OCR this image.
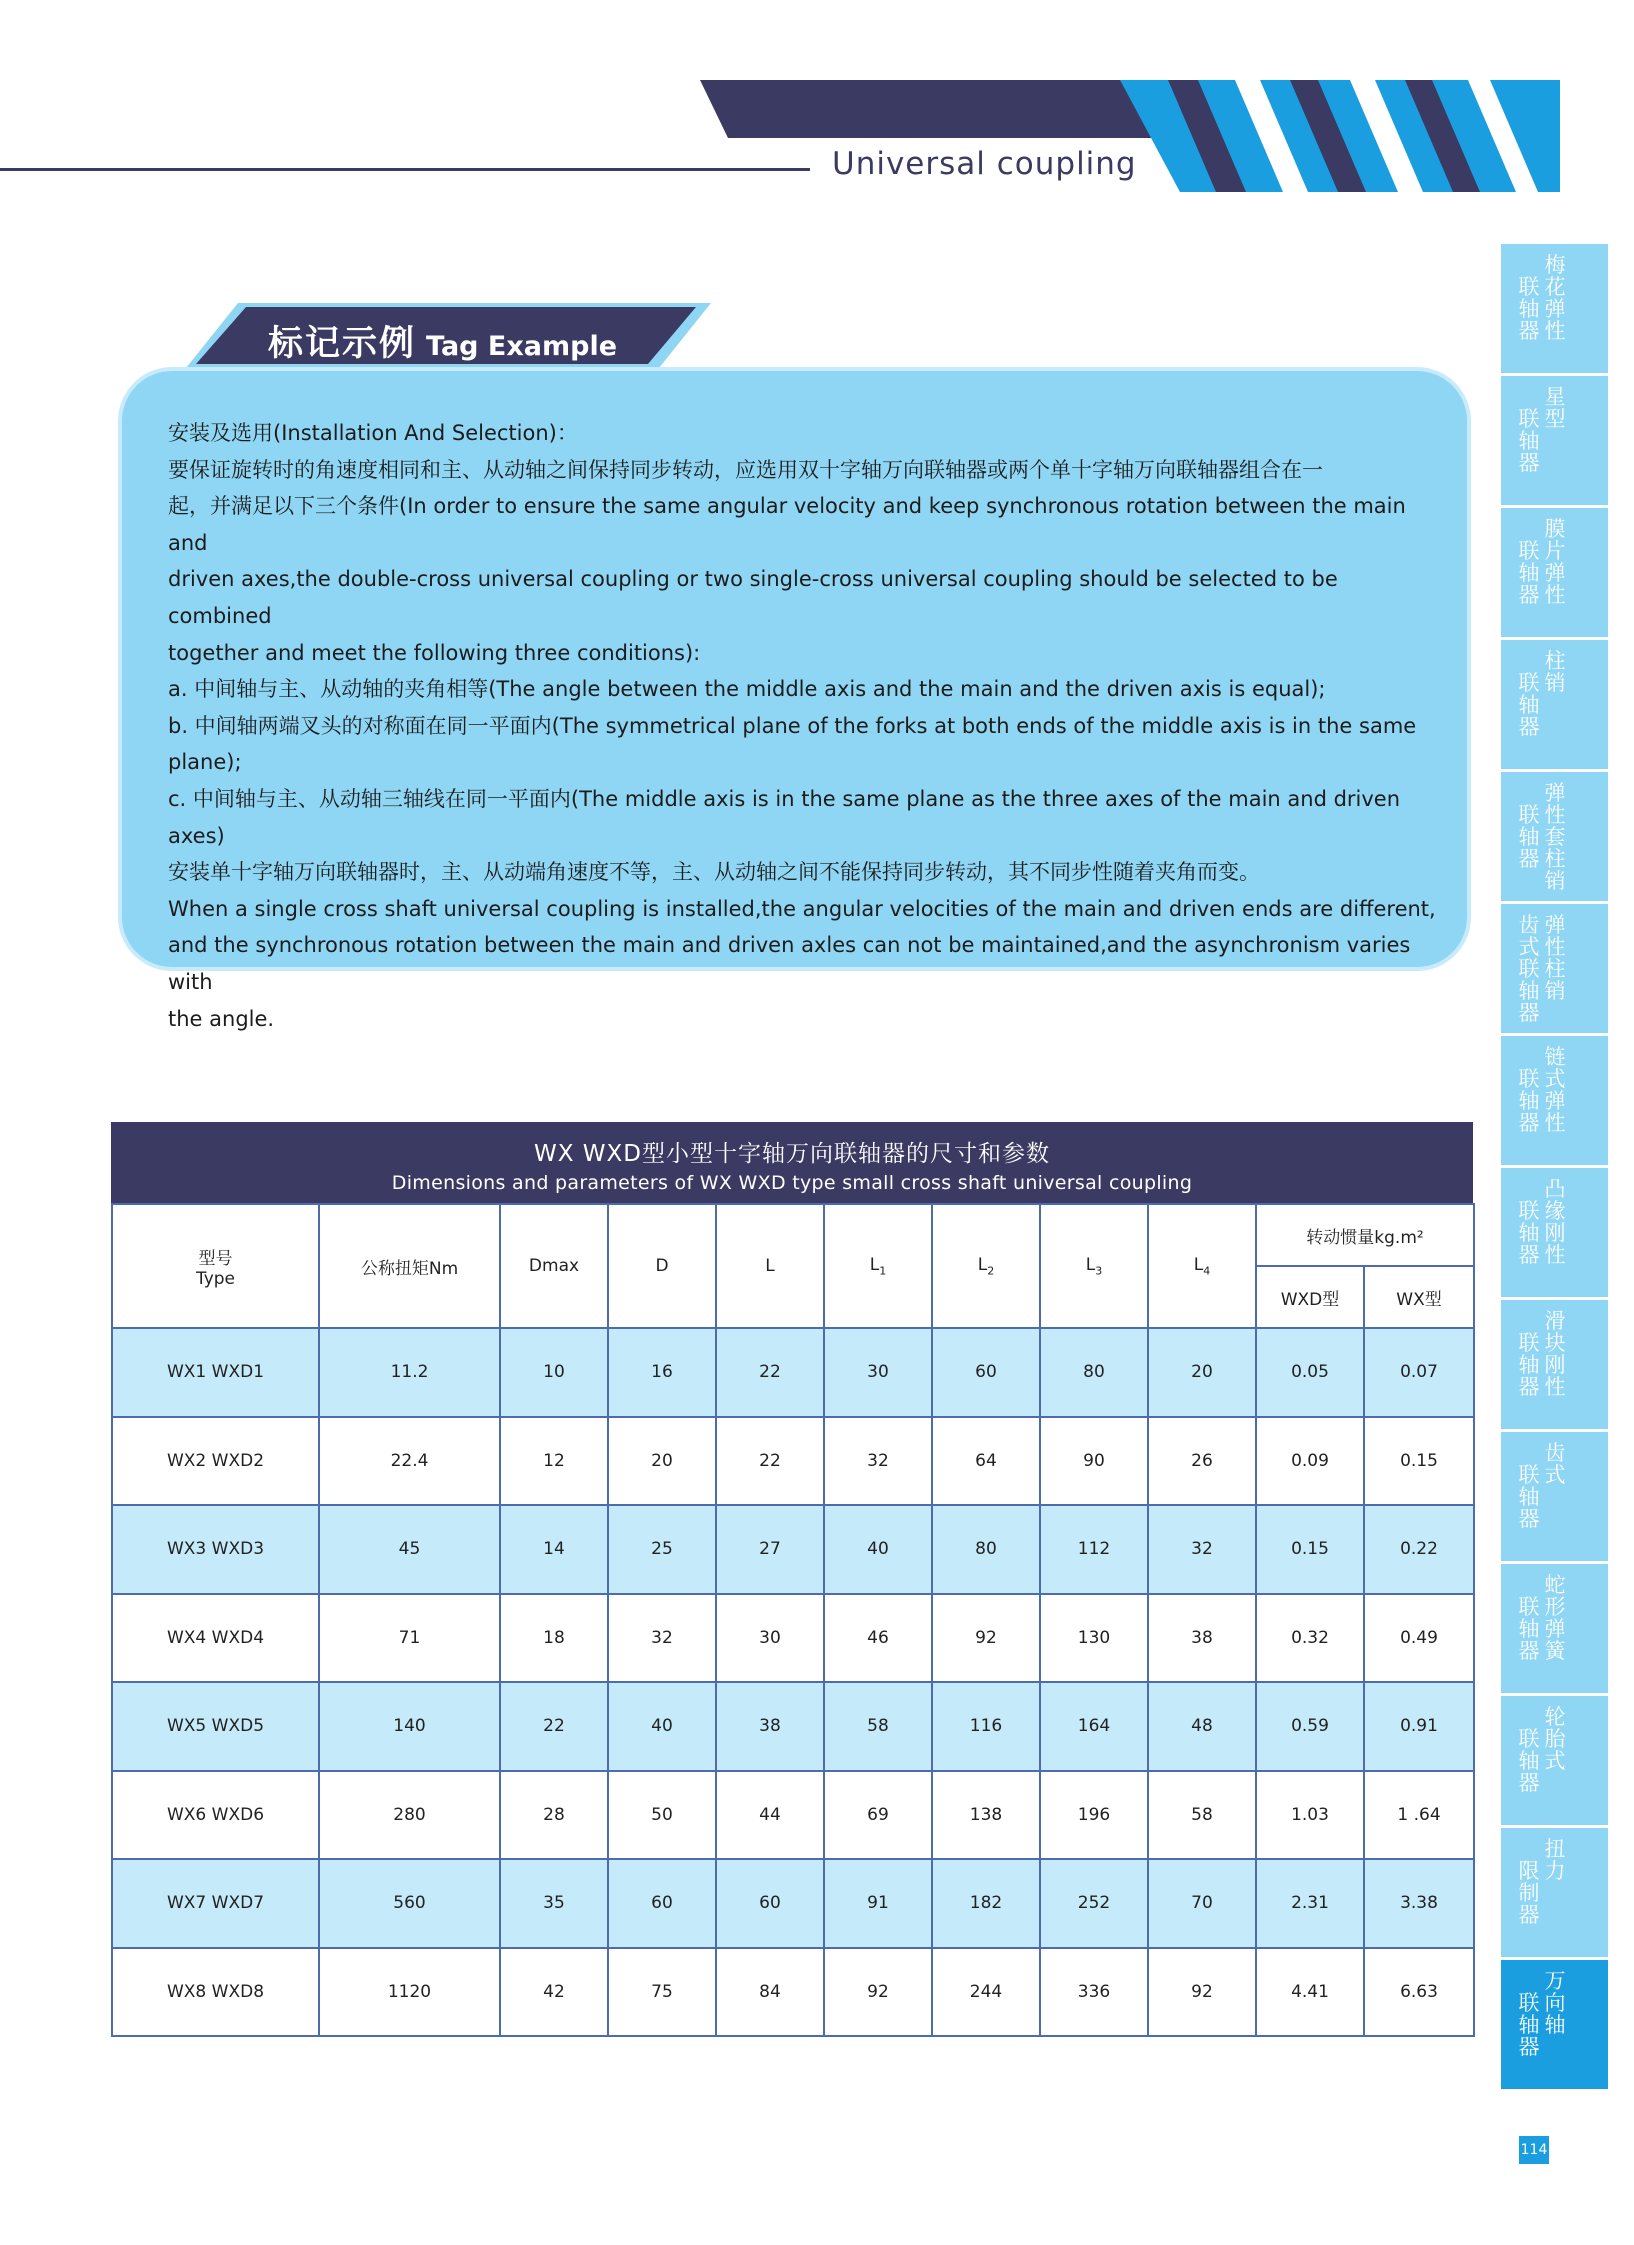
Universal coupling
标记示例 Tag Example

安装及选用(Installation And Selection)：

要保证旋转时的角速度相同和主、从动轴之间保持同步转动，应选用双十字轴万向联轴器或两个单十字轴万向联轴器组合在一

起，并满足以下三个条件(In order to ensure the same angular velocity and keep synchronous rotation between the main and

driven axes,the double-cross universal coupling or two single-cross universal coupling should be selected to be combined

together and meet the following three conditions):

a. 中间轴与主、从动轴的夹角相等(The angle between the middle axis and the main and the driven axis is equal);

b. 中间轴两端叉头的对称面在同一平面内(The symmetrical plane of the forks at both ends of the middle axis is in the same

plane);

c. 中间轴与主、从动轴三轴线在同一平面内(The middle axis is in the same plane as the three axes of the main and driven

axes)

安装单十字轴万向联轴器时，主、从动端角速度不等，主、从动轴之间不能保持同步转动，其不同步性随着夹角而变。

When a single cross shaft universal coupling is installed,the angular velocities of the main and driven ends are different,

and the synchronous rotation between the main and driven axles can not be maintained,and the asynchronism varies with

the angle.

WX WXD型小型十字轴万向联轴器的尺寸和参数
Dimensions and parameters of WX WXD type small cross shaft universal coupling
型号
Type	公称扭矩Nm	Dmax	D	L	$L_1$	$L_2$	$L_3$	$L_4$	转动惯量kg.m²	
									WXD型	WX型
WX1 WXD1	11.2	10	16	22	30	60	80	20	0.05	0.07
WX2 WXD2	22.4	12	20	22	32	64	90	26	0.09	0.15
WX3 WXD3	45	14	25	27	40	80	112	32	0.15	0.22
WX4 WXD4	71	18	32	30	46	92	130	38	0.32	0.49
WX5 WXD5	140	22	40	38	58	116	164	48	0.59	0.91
WX6 WXD6	280	28	50	44	69	138	196	58	1.03	1 .64
WX7 WXD7	560	35	60	60	91	182	252	70	2.31	3.38
WX8 WXD8	1120	42	75	84	92	244	336	92	4.41	6.63
梅
花
弹
性
联
轴
器
星
型
联
轴
器
膜
片
弹
性
联
轴
器
柱
销
联
轴
器
弹
性
套
柱
销
联
轴
器
弹
性
柱
销
齿
式
联
轴
器
链
式
弹
性
联
轴
器
凸
缘
刚
性
联
轴
器
滑
块
刚
性
联
轴
器
齿
式
联
轴
器
蛇
形
弹
簧
联
轴
器
轮
胎
式
联
轴
器
扭
力
限
制
器
万
向
轴
联
轴
器
114
